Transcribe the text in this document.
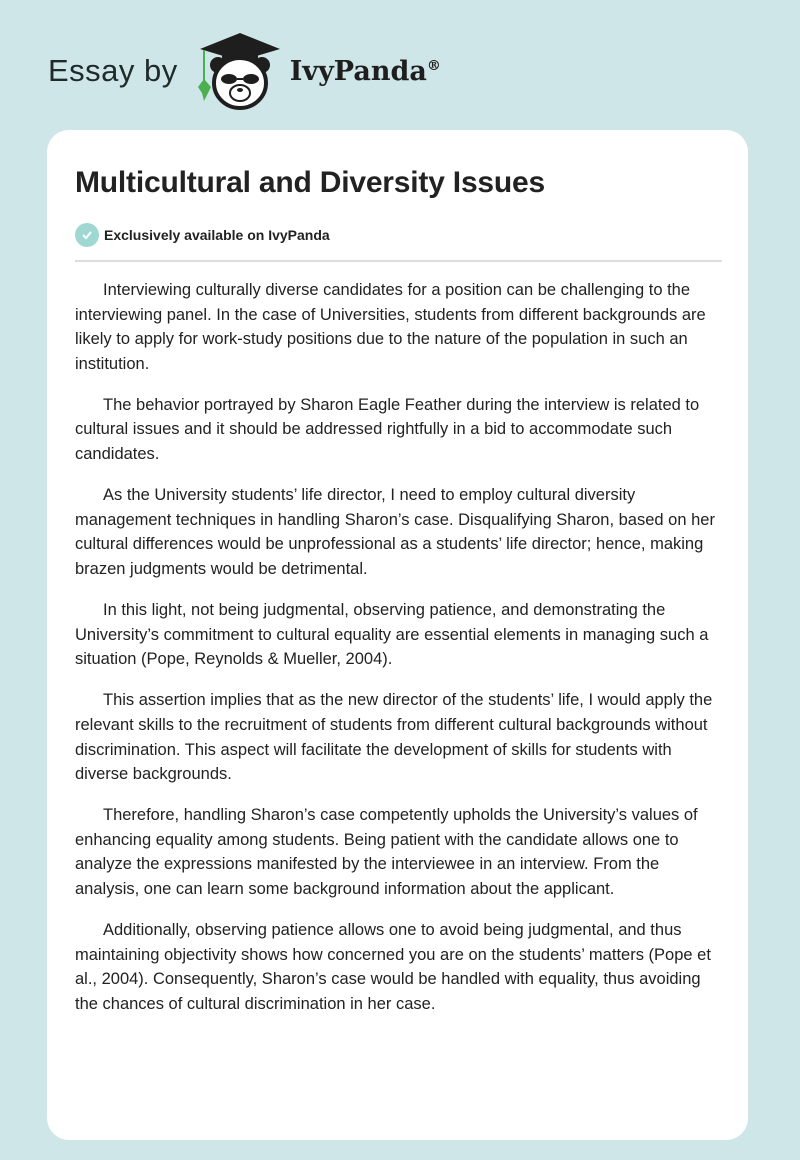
Essay by	IvyPanda®
Multicultural and Diversity Issues
Exclusively available on IvyPanda

Interviewing culturally diverse candidates for a position can be challenging to the interviewing panel. In the case of Universities, students from different backgrounds are likely to apply for work-study positions due to the nature of the population in such an institution.

The behavior portrayed by Sharon Eagle Feather during the interview is related to cultural issues and it should be addressed rightfully in a bid to accommodate such candidates.

As the University students’ life director, I need to employ cultural diversity management techniques in handling Sharon’s case. Disqualifying Sharon, based on her cultural differences would be unprofessional as a students’ life director; hence, making brazen judgments would be detrimental.

In this light, not being judgmental, observing patience, and demonstrating the University’s commitment to cultural equality are essential elements in managing such a situation (Pope, Reynolds & Mueller, 2004).

This assertion implies that as the new director of the students’ life, I would apply the relevant skills to the recruitment of students from different cultural backgrounds without discrimination. This aspect will facilitate the development of skills for students with diverse backgrounds.

Therefore, handling Sharon’s case competently upholds the University’s values of enhancing equality among students. Being patient with the candidate allows one to analyze the expressions manifested by the interviewee in an interview. From the analysis, one can learn some background information about the applicant.

Additionally, observing patience allows one to avoid being judgmental, and thus maintaining objectivity shows how concerned you are on the students’ matters (Pope et al., 2004). Consequently, Sharon’s case would be handled with equality, thus avoiding the chances of cultural discrimination in her case.
